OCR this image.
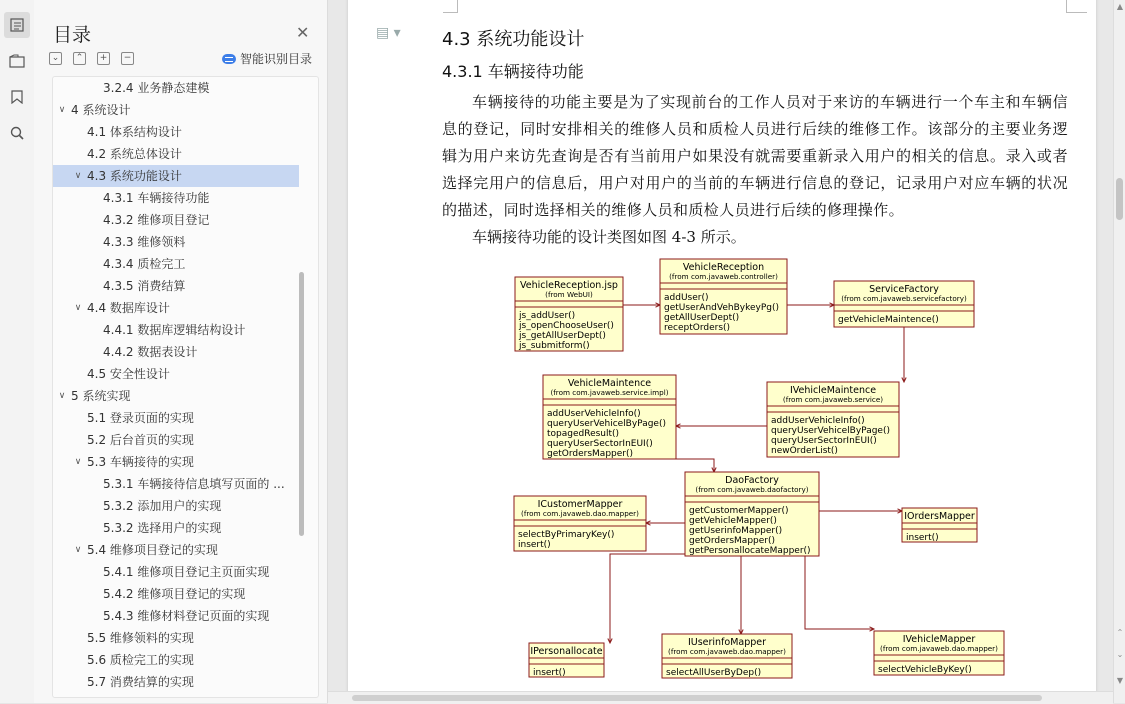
目录	✕
⌄	⌃	+	−	智能识别目录
3.2.4 业务静态建模
∨ 4 系统设计
4.1 体系结构设计
4.2 系统总体设计
∨ 4.3 系统功能设计
4.3.1 车辆接待功能
4.3.2 维修项目登记
4.3.3 维修领料
4.3.4 质检完工
4.3.5 消费结算
∨ 4.4 数据库设计
4.4.1 数据库逻辑结构设计
4.4.2 数据表设计
4.5 安全性设计
∨ 5 系统实现
5.1 登录页面的实现
5.2 后台首页的实现
∨ 5.3 车辆接待的实现
5.3.1 车辆接待信息填写页面的 ...
5.3.2 添加用户的实现
5.3.2 选择用户的实现
∨ 5.4 维修项目登记的实现
5.4.1 维修项目登记主页面实现
5.4.2 维修项目登记的实现
5.4.3 维修材料登记页面的实现
5.5 维修领料的实现
5.6 质检完工的实现
5.7 消费结算的实现
▤ ▾ 4.3 系统功能设计
4.3.1 车辆接待功能
车辆接待的功能主要是为了实现前台的工作人员对于来访的车辆进行一个车主和车辆信息的登记，同时安排相关的维修人员和质检人员进行后续的维修工作。该部分的主要业务逻辑为用户来访先查询是否有当前用户如果没有就需要重新录入用户的相关的信息。录入或者选择完用户的信息后，用户对用户的当前的车辆进行信息的登记，记录用户对应车辆的状况的描述，同时选择相关的维修人员和质检人员进行后续的修理操作。
车辆接待功能的设计类图如图 4-3 所示。
VehicleReception.jsp
(from WebUI)
js_addUser()
js_openChooseUser()
js_getAllUserDept()
js_submitform()
VehicleReception
(from com.javaweb.controller)
addUser()
getUserAndVehBykeyPg()
getAllUserDept()
receptOrders()
ServiceFactory
(from com.javaweb.servicefactory)
getVehicleMaintence()
VehicleMaintence
(from com.javaweb.service.impl)
addUserVehicleInfo()
queryUserVehicelByPage()
topagedResult()
queryUserSectorInEUI()
getOrdersMapper()
IVehicleMaintence
(from com.javaweb.service)
addUserVehicleInfo()
queryUserVehicelByPage()
queryUserSectorInEUI()
newOrderList()
DaoFactory
(from com.javaweb.daofactory)
getCustomerMapper()
getVehicleMapper()
getUserinfoMapper()
getOrdersMapper()
getPersonallocateMapper()
ICustomerMapper
(from com.javaweb.dao.mapper)
selectByPrimaryKey()
insert()
IOrdersMapper
insert()
IPersonallocate
insert()
IUserinfoMapper
(from com.javaweb.dao.mapper)
selectAllUserByDep()
IVehicleMapper
(from com.javaweb.dao.mapper)
selectVehicleByKey()
▲
⌃
⌄
▼
